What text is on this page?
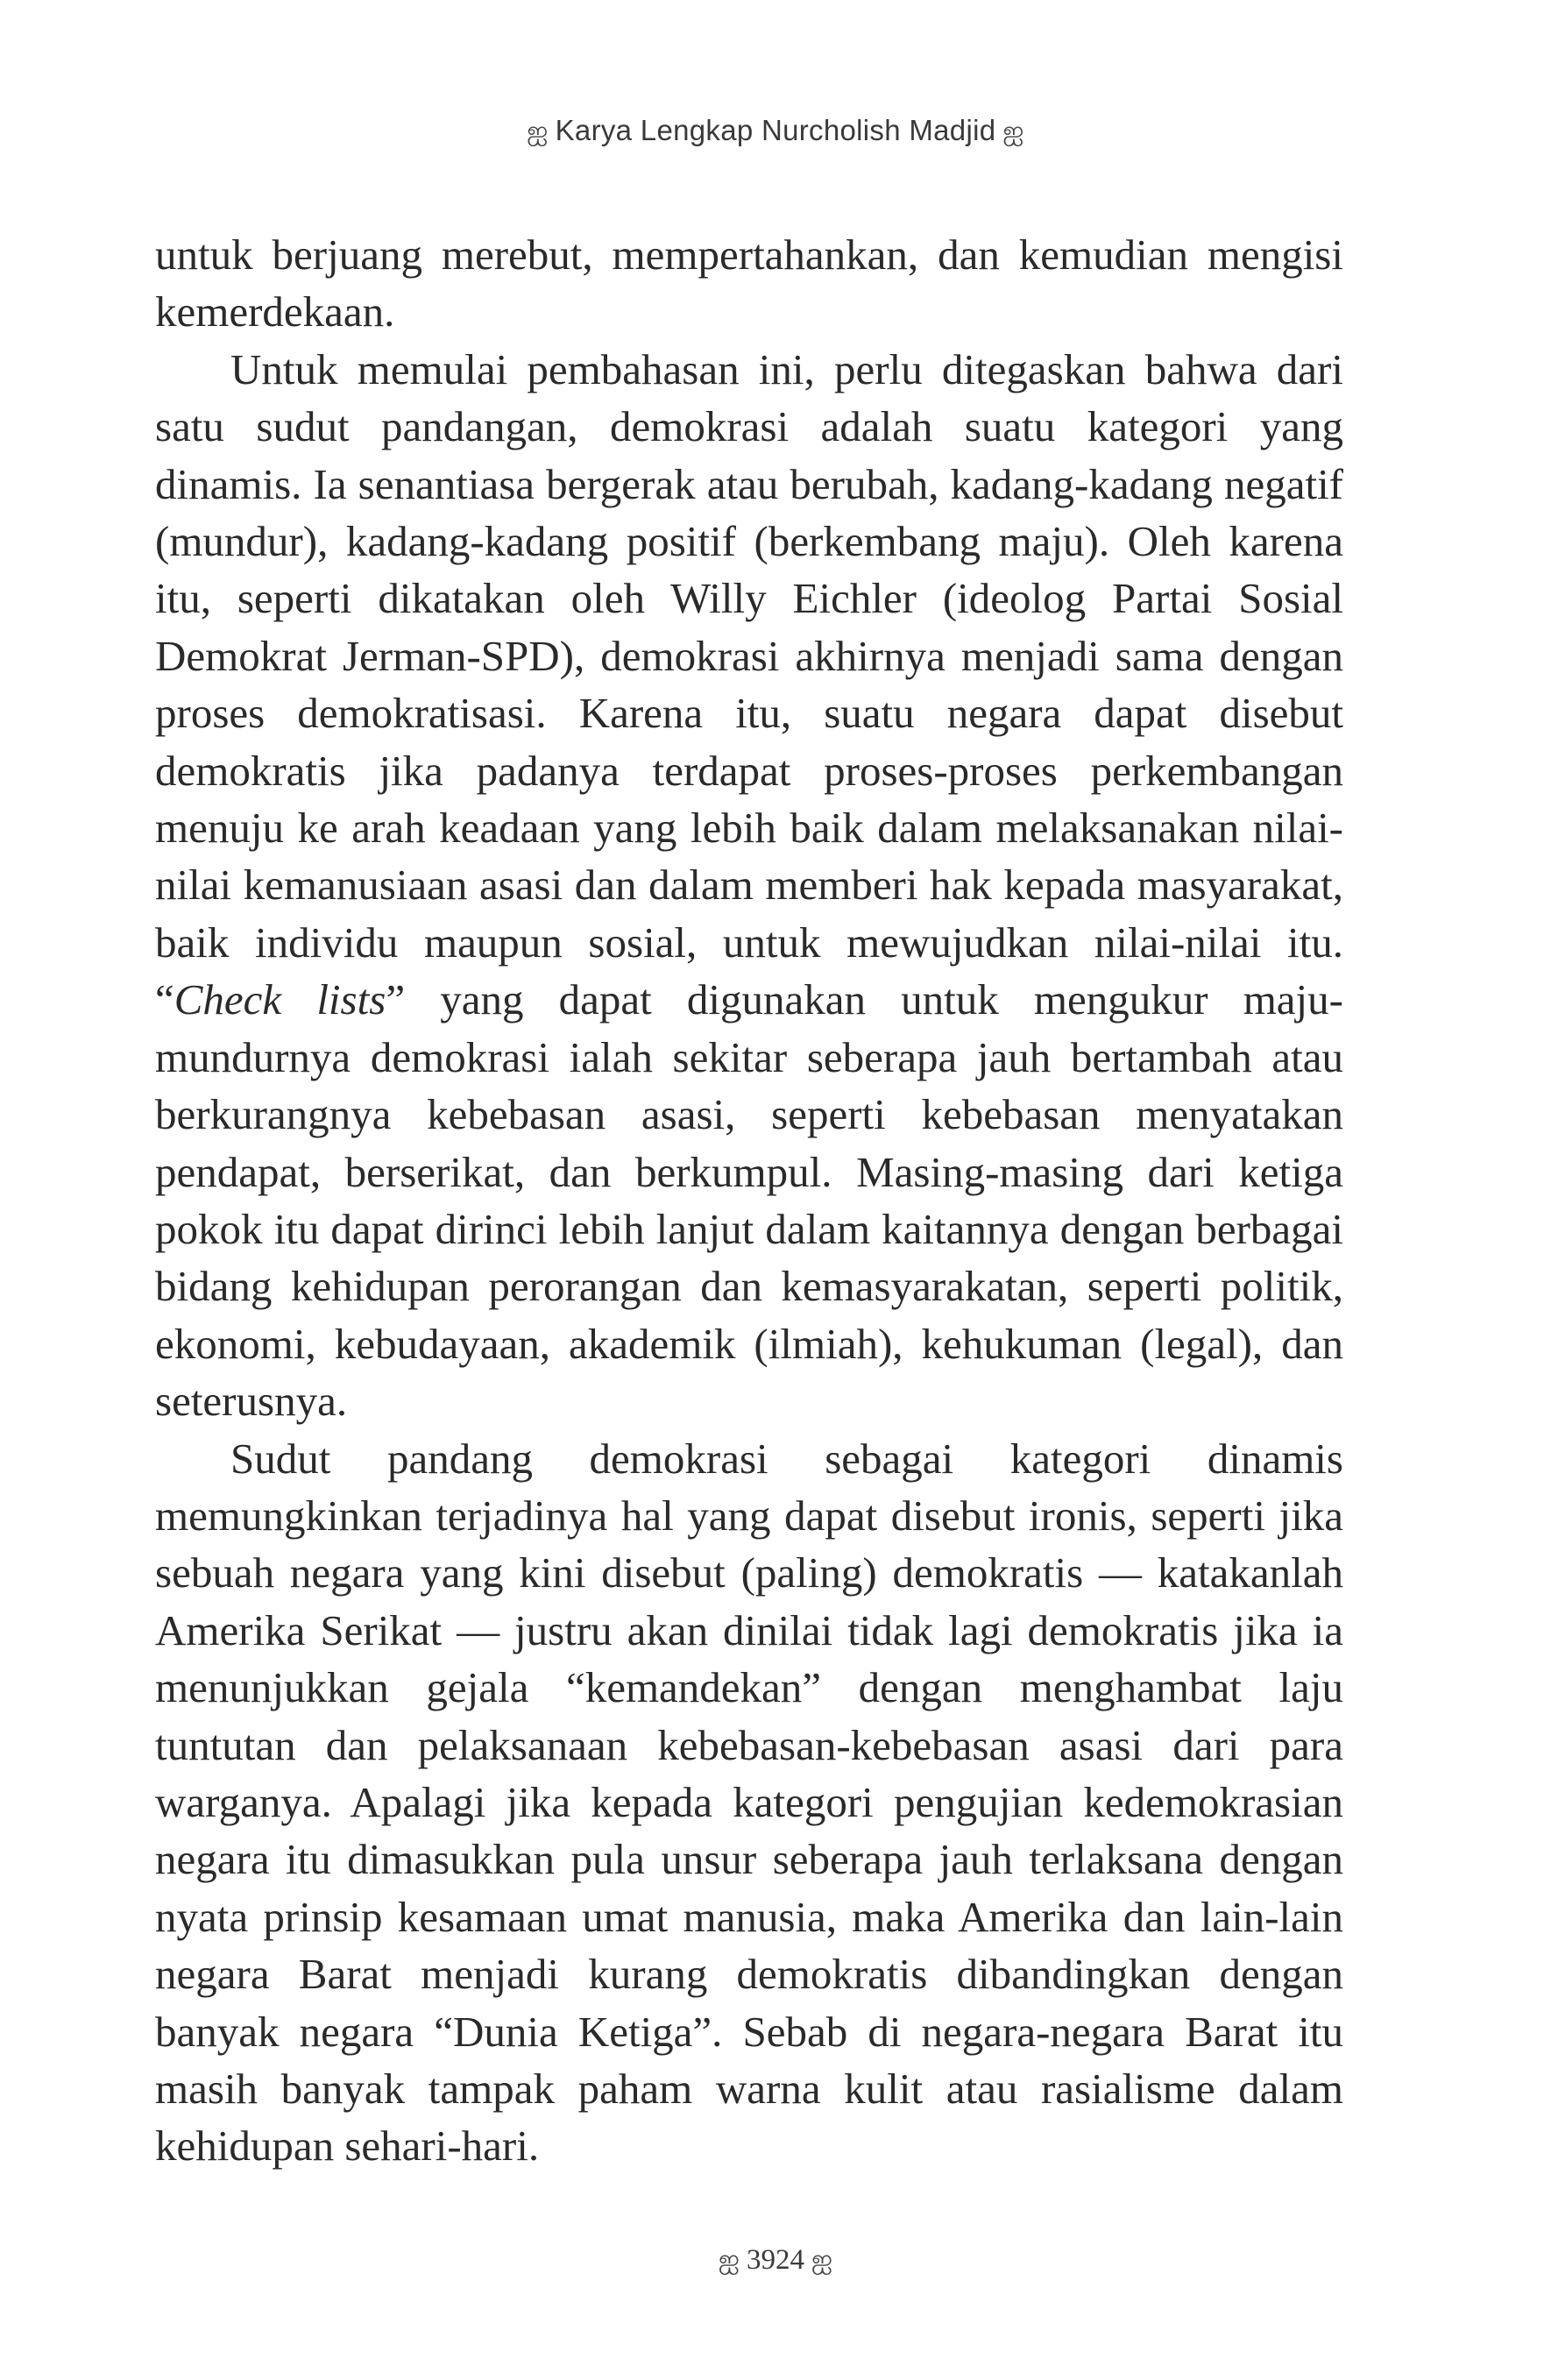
ஐ Karya Lengkap Nurcholish Madjid ஐ

untuk berjuang merebut, mempertahankan, dan kemudian mengisi kemerdekaan.

Untuk memulai pembahasan ini, perlu ditegaskan bahwa dari satu sudut pandangan, demokrasi adalah suatu kategori yang dinamis. Ia senantiasa bergerak atau berubah, kadang-kadang negatif (mundur), kadang-kadang positif (berkembang maju). Oleh karena itu, seperti dikatakan oleh Willy Eichler (ideolog Partai Sosial Demokrat Jerman-SPD), demokrasi akhirnya menjadi sama dengan proses demokratisasi. Karena itu, suatu negara dapat disebut demokratis jika padanya terdapat proses-proses perkembangan menuju ke arah keadaan yang lebih baik dalam melaksanakan nilai-nilai kemanusiaan asasi dan dalam memberi hak kepada masyarakat, baik individu maupun sosial, untuk mewujudkan nilai-nilai itu. “Check lists” yang dapat digunakan untuk mengukur maju-mundurnya demokrasi ialah sekitar seberapa jauh bertambah atau berkurangnya kebebasan asasi, seperti kebebasan menyatakan pendapat, berserikat, dan berkumpul. Masing-masing dari ketiga pokok itu dapat dirinci lebih lanjut dalam kaitannya dengan berbagai bidang kehidupan perorangan dan kemasyarakatan, seperti politik, ekonomi, kebudayaan, akademik (ilmiah), kehukuman (legal), dan seterusnya.

Sudut pandang demokrasi sebagai kategori dinamis memungkinkan terjadinya hal yang dapat disebut ironis, seperti jika sebuah negara yang kini disebut (paling) demokratis — katakanlah Amerika Serikat — justru akan dinilai tidak lagi demokratis jika ia menunjukkan gejala “kemandekan” dengan menghambat laju tuntutan dan pelaksanaan kebebasan-kebebasan asasi dari para warganya. Apalagi jika kepada kategori pengujian kedemokrasian negara itu dimasukkan pula unsur seberapa jauh terlaksana dengan nyata prinsip kesamaan umat manusia, maka Amerika dan lain-lain negara Barat menjadi kurang demokratis dibandingkan dengan banyak negara “Dunia Ketiga”. Sebab di negara-negara Barat itu masih banyak tampak paham warna kulit atau rasialisme dalam kehidupan sehari-hari.

ஐ 3924 ஐ
